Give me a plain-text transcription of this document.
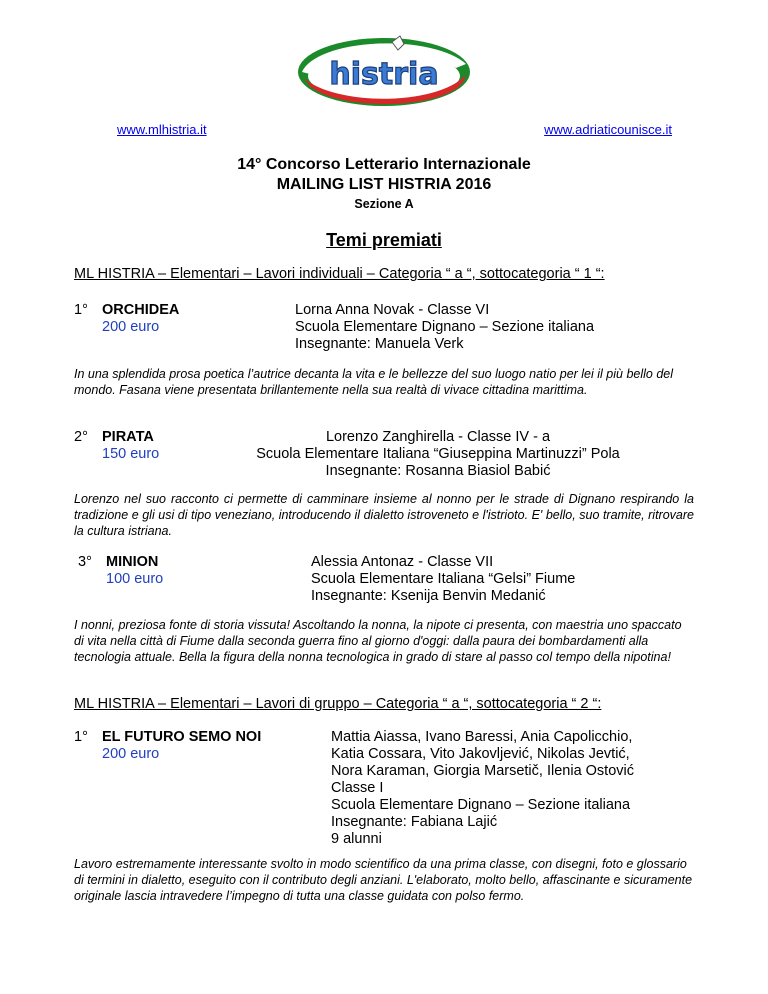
histria
www.mlhistria.it	www.adriaticounisce.it
14° Concorso Letterario Internazionale
MAILING LIST HISTRIA 2016
Sezione A
Temi premiati
ML HISTRIA – Elementari – Lavori individuali – Categoria “ a “, sottocategoria “ 1 “:
1° ORCHIDEA
200 euro
Lorna Anna Novak - Classe VI
Scuola Elementare Dignano – Sezione italiana
Insegnante: Manuela Verk
In una splendida prosa poetica l’autrice decanta la vita e le bellezze del suo luogo natio per lei il più bello del mondo. Fasana viene presentata brillantemente nella sua realtà di vivace cittadina marittima.
2° PIRATA
150 euro
Lorenzo Zanghirella - Classe IV - a
Scuola Elementare Italiana “Giuseppina Martinuzzi” Pola
Insegnante: Rosanna Biasiol Babić
Lorenzo nel suo racconto ci permette di camminare insieme al nonno per le strade di Dignano respirando la tradizione e gli usi di tipo veneziano, introducendo il dialetto istroveneto e l'istrioto. E' bello, suo tramite, ritrovare la cultura istriana.
3° MINION
100 euro
Alessia Antonaz - Classe VII
Scuola Elementare Italiana “Gelsi” Fiume
Insegnante: Ksenija Benvin Medanić
I nonni, preziosa fonte di storia vissuta! Ascoltando la nonna, la nipote ci presenta, con maestria uno spaccato di vita nella città di Fiume dalla seconda guerra fino al giorno d'oggi: dalla paura dei bombardamenti alla tecnologia attuale. Bella la figura della nonna tecnologica in grado di stare al passo col tempo della nipotina!
ML HISTRIA – Elementari – Lavori di gruppo – Categoria “ a “, sottocategoria “ 2 “:
1° EL FUTURO SEMO NOI
200 euro
Mattia Aiassa, Ivano Baressi, Ania Capolicchio,
Katia Cossara, Vito Jakovljević, Nikolas Jevtić,
Nora Karaman, Giorgia Marsetič, Ilenia Ostović
Classe I
Scuola Elementare Dignano – Sezione italiana
Insegnante: Fabiana Lajić
9 alunni
Lavoro estremamente interessante svolto in modo scientifico da una prima classe, con disegni, foto e glossario di termini in dialetto, eseguito con il contributo degli anziani. L'elaborato, molto bello, affascinante e sicuramente originale lascia intravedere l’impegno di tutta una classe guidata con polso fermo.
